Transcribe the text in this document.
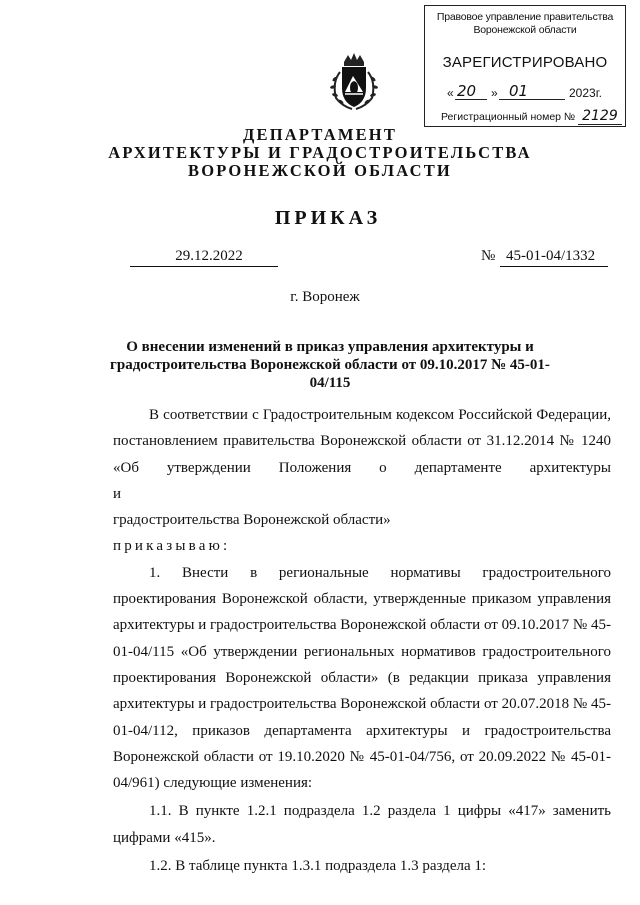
Правовое управление правительства Воронежской области
ЗАРЕГИСТРИРОВАНО
« 20 » 01	2023г.
Регистрационный номер № 2129
ДЕПАРТАМЕНТ
АРХИТЕКТУРЫ И ГРАДОСТРОИТЕЛЬСТВА
ВОРОНЕЖСКОЙ ОБЛАСТИ
ПРИКАЗ
29.12.2022	№ 45-01-04/1332
г. Воронеж
О внесении изменений в приказ управления архитектуры и градостроительства Воронежской области от 09.10.2017 № 45-01-04/115

В соответствии с Градостроительным кодексом Российской Федерации,

постановлением правительства Воронежской области от 31.12.2014 № 1240

«Об утверждении Положения о департаменте архитектуры и

градостроительства Воронежской области»

приказываю:

1. Внести в региональные нормативы градостроительного проектирования Воронежской области, утвержденные приказом управления архитектуры и градостроительства Воронежской области от 09.10.2017 № 45-01-04/115 «Об утверждении региональных нормативов градостроительного проектирования Воронежской области» (в редакции приказа управления архитектуры и градостроительства Воронежской области от 20.07.2018 № 45-01-04/112, приказов департамента архитектуры и градостроительства Воронежской области от 19.10.2020 № 45-01-04/756, от 20.09.2022 № 45-01-04/961) следующие изменения:

1.1. В пункте 1.2.1 подраздела 1.2 раздела 1 цифры «417» заменить цифрами «415».

1.2. В таблице пункта 1.3.1 подраздела 1.3 раздела 1:
